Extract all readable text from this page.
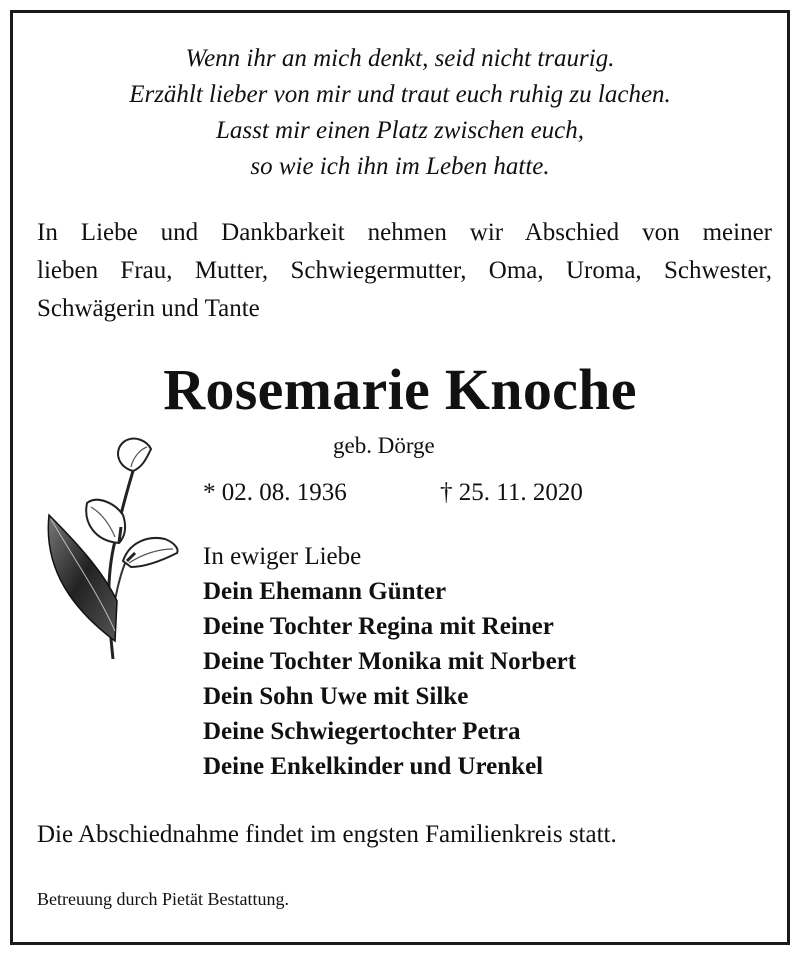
Wenn ihr an mich denkt, seid nicht traurig.
Erzählt lieber von mir und traut euch ruhig zu lachen.
Lasst mir einen Platz zwischen euch,
so wie ich ihn im Leben hatte.
In Liebe und Dankbarkeit nehmen wir Abschied von meiner
lieben Frau, Mutter, Schwiegermutter, Oma, Uroma, Schwester,
Schwägerin und Tante
Rosemarie Knoche
geb. Dörge
* 02. 08. 1936	† 25. 11. 2020
In ewiger Liebe
Dein Ehemann Günter
Deine Tochter Regina mit Reiner
Deine Tochter Monika mit Norbert
Dein Sohn Uwe mit Silke
Deine Schwiegertochter Petra
Deine Enkelkinder und Urenkel
Die Abschiednahme findet im engsten Familienkreis statt.
Betreuung durch Pietät Bestattung.
